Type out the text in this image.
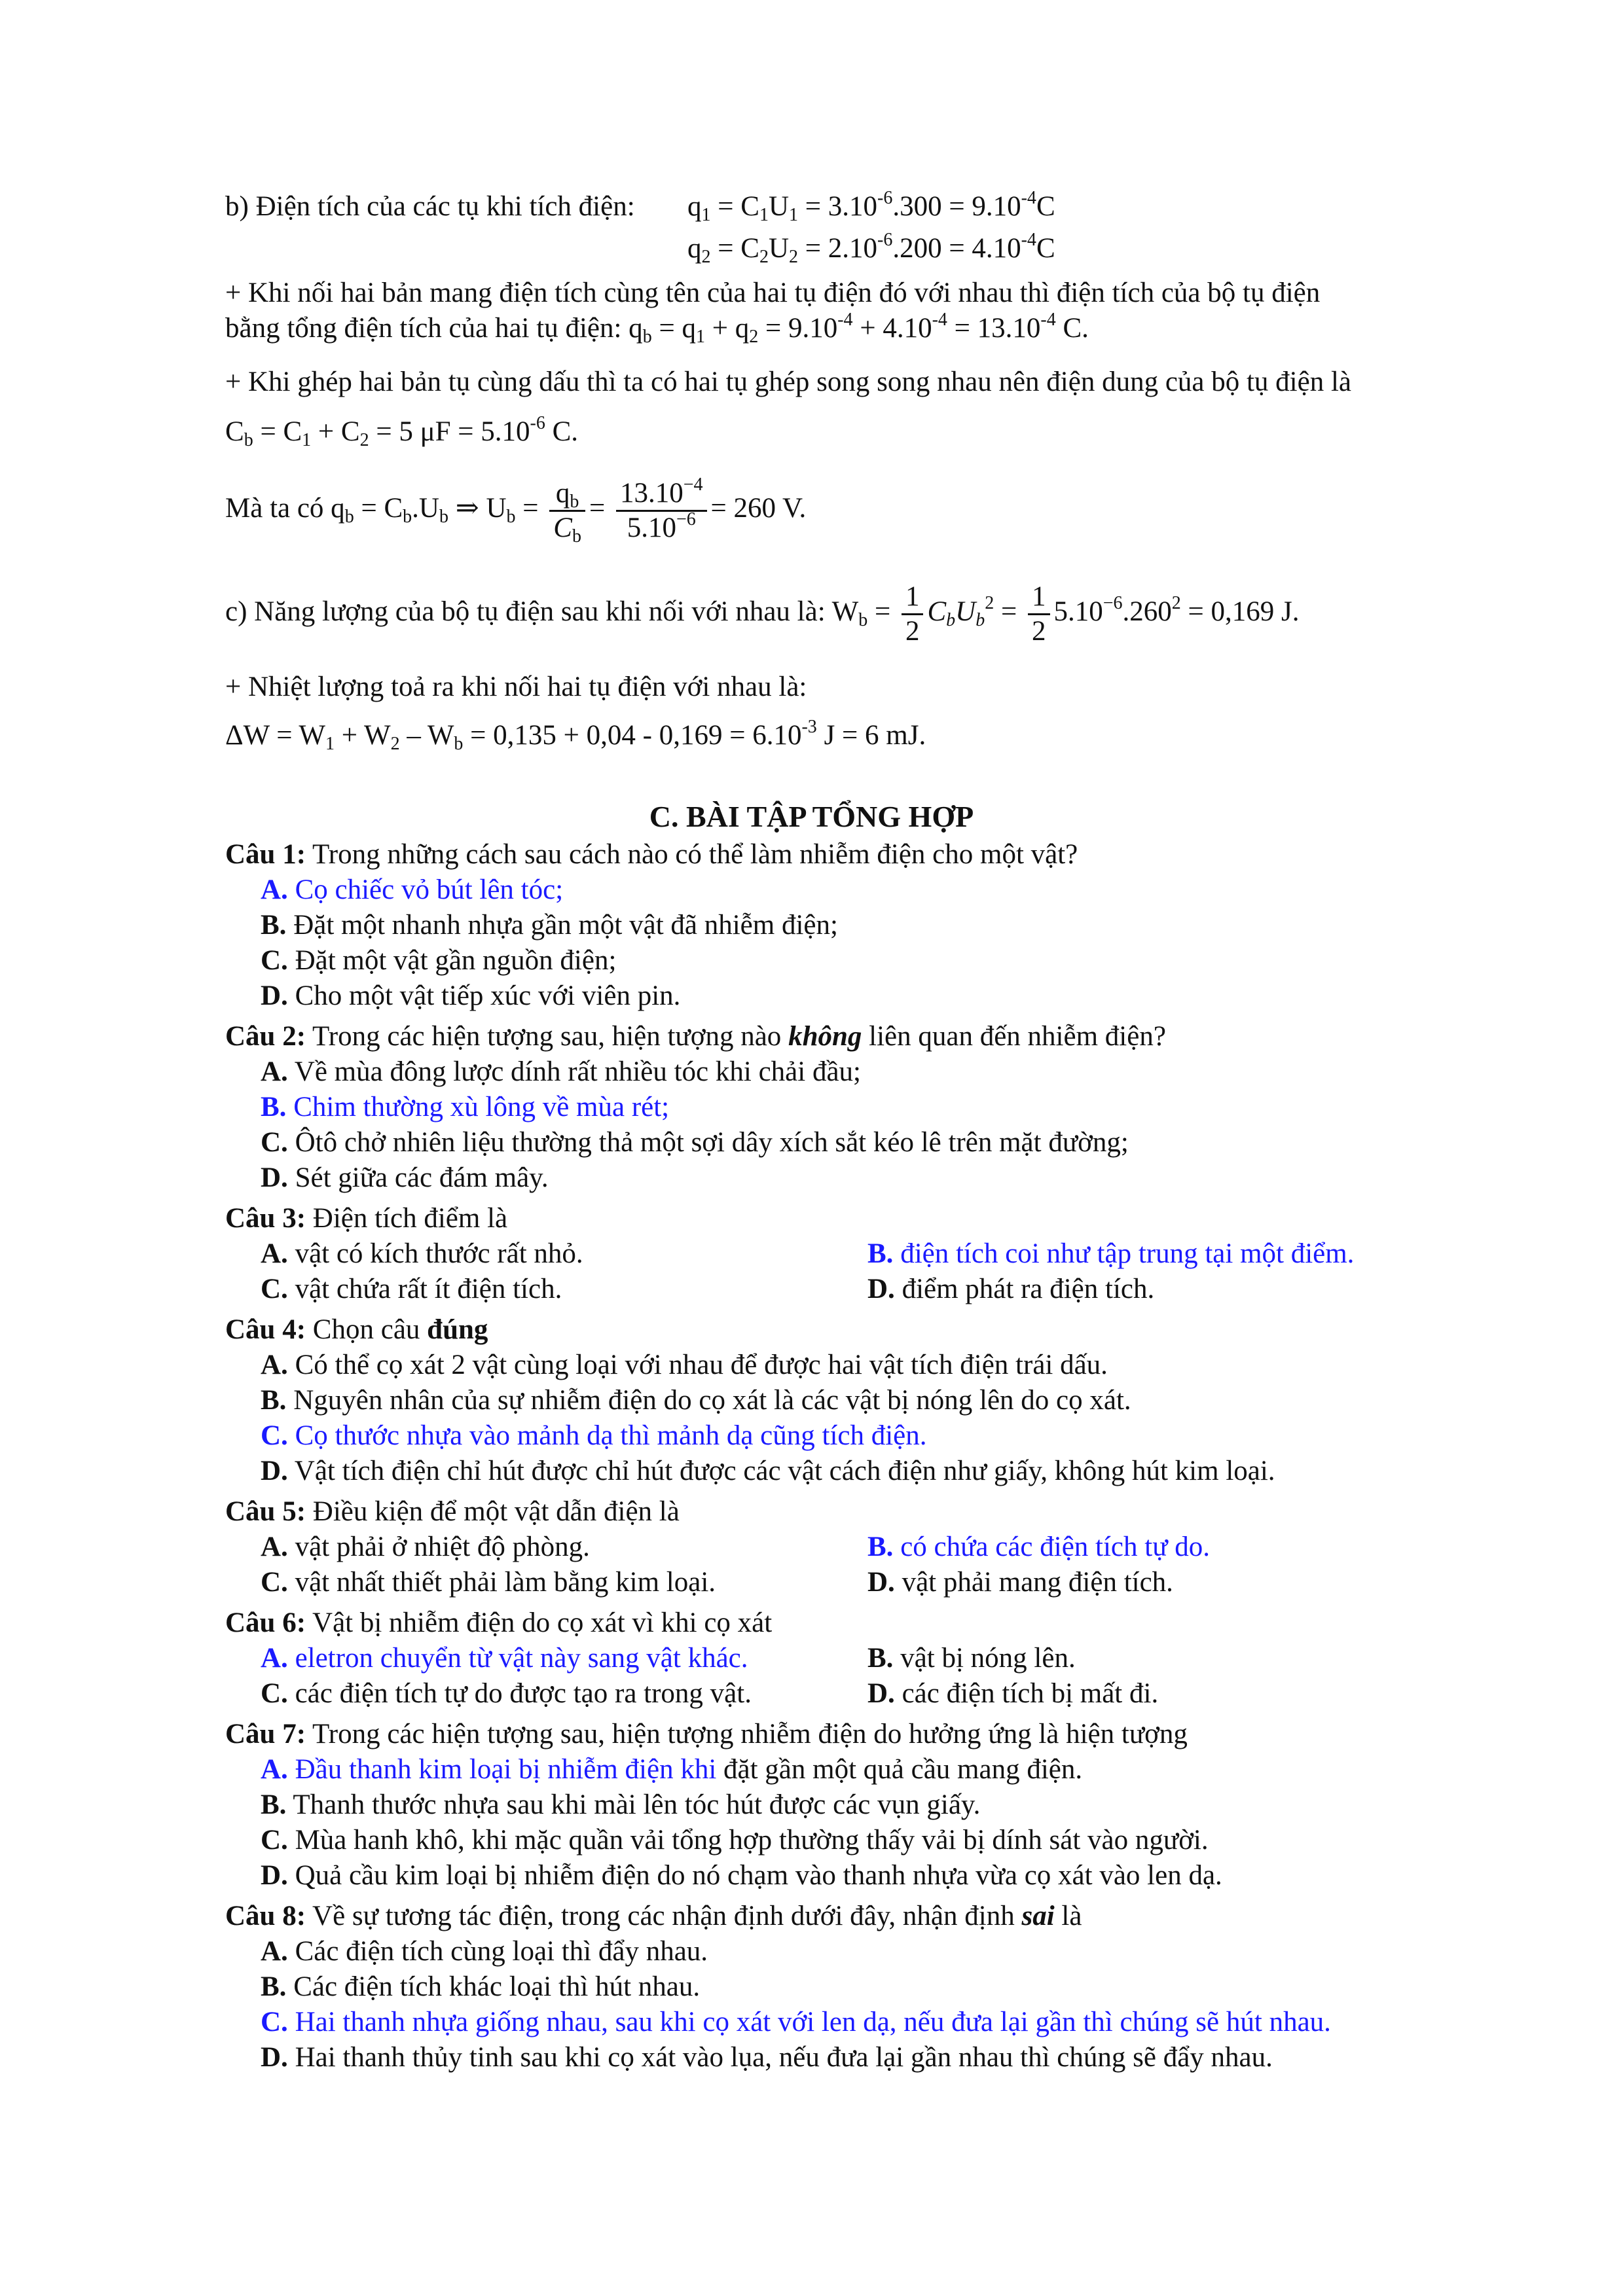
b) Điện tích của các tụ khi tích điện: $q_1 = C_1U_1 = 3.10^{-6}.300 = 9.10^{-4}C$
$q_2 = C_2U_2 = 2.10^{-6}.200 = 4.10^{-4}C$
+ Khi nối hai bản mang điện tích cùng tên của hai tụ điện đó với nhau thì điện tích của bộ tụ điện
bằng tổng điện tích của hai tụ điện: $q_b = q_1 + q_2 = 9.10^{-4} + 4.10^{-4} = 13.10^{-4}$ C.
+ Khi ghép hai bản tụ cùng dấu thì ta có hai tụ ghép song song nhau nên điện dung của bộ tụ điện là
$C_b = C_1 + C_2 = 5$ $\mu F = 5.10^{-6}$ C.
Mà ta có $q_b = C_b.U_b$ ⇒ $U_b = \frac{q_b}{C_b} = \frac{13.10^{-4}}{5.10^{-6}} = 260$ V.
c) Năng lượng của bộ tụ điện sau khi nối với nhau là: $W_b = \frac{1}{2} C_bU_b^2 = \frac{1}{2} 5.10^{-6}.260^2 = 0,169$ J.
+ Nhiệt lượng toả ra khi nối hai tụ điện với nhau là:
$\Delta W = W_1 + W_2 - W_b = 0,135 + 0,04 - 0,169 = 6.10^{-3}$ J = 6 mJ.
C. BÀI TẬP TỔNG HỢP
Câu 1: Trong những cách sau cách nào có thể làm nhiễm điện cho một vật?
A. Cọ chiếc vỏ bút lên tóc;
B. Đặt một nhanh nhựa gần một vật đã nhiễm điện;
C. Đặt một vật gần nguồn điện;
D. Cho một vật tiếp xúc với viên pin.
Câu 2: Trong các hiện tượng sau, hiện tượng nào không liên quan đến nhiễm điện?
A. Về mùa đông lược dính rất nhiều tóc khi chải đầu;
B. Chim thường xù lông về mùa rét;
C. Ôtô chở nhiên liệu thường thả một sợi dây xích sắt kéo lê trên mặt đường;
D. Sét giữa các đám mây.
Câu 3: Điện tích điểm là
A. vật có kích thước rất nhỏ.	B. điện tích coi như tập trung tại một điểm.
C. vật chứa rất ít điện tích.	D. điểm phát ra điện tích.
Câu 4: Chọn câu đúng
A. Có thể cọ xát 2 vật cùng loại với nhau để được hai vật tích điện trái dấu.
B. Nguyên nhân của sự nhiễm điện do cọ xát là các vật bị nóng lên do cọ xát.
C. Cọ thước nhựa vào mảnh dạ thì mảnh dạ cũng tích điện.
D. Vật tích điện chỉ hút được chỉ hút được các vật cách điện như giấy, không hút kim loại.
Câu 5: Điều kiện để một vật dẫn điện là
A. vật phải ở nhiệt độ phòng.	B. có chứa các điện tích tự do.
C. vật nhất thiết phải làm bằng kim loại.	D. vật phải mang điện tích.
Câu 6: Vật bị nhiễm điện do cọ xát vì khi cọ xát
A. eletron chuyển từ vật này sang vật khác.	B. vật bị nóng lên.
C. các điện tích tự do được tạo ra trong vật.	D. các điện tích bị mất đi.
Câu 7: Trong các hiện tượng sau, hiện tượng nhiễm điện do hưởng ứng là hiện tượng
A. Đầu thanh kim loại bị nhiễm điện khi đặt gần một quả cầu mang điện.
B. Thanh thước nhựa sau khi mài lên tóc hút được các vụn giấy.
C. Mùa hanh khô, khi mặc quần vải tổng hợp thường thấy vải bị dính sát vào người.
D. Quả cầu kim loại bị nhiễm điện do nó chạm vào thanh nhựa vừa cọ xát vào len dạ.
Câu 8: Về sự tương tác điện, trong các nhận định dưới đây, nhận định sai là
A. Các điện tích cùng loại thì đẩy nhau.
B. Các điện tích khác loại thì hút nhau.
C. Hai thanh nhựa giống nhau, sau khi cọ xát với len dạ, nếu đưa lại gần thì chúng sẽ hút nhau.
D. Hai thanh thủy tinh sau khi cọ xát vào lụa, nếu đưa lại gần nhau thì chúng sẽ đẩy nhau.
